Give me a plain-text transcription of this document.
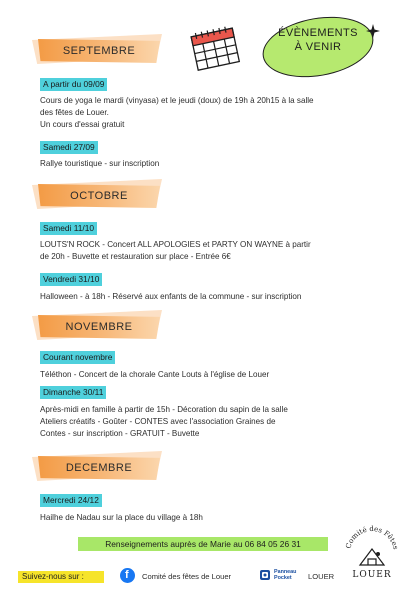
ÉVÈNEMENTS
À VENIR
SEPTEMBRE
A partir du 09/09
Cours de yoga le mardi (vinyasa) et le jeudi (doux) de 19h à 20h15 à la salle
des fêtes de Louer.
Un cours d'essai gratuit
Samedi 27/09
Rallye touristique - sur inscription
OCTOBRE
Samedi 11/10
LOUTS'N ROCK - Concert ALL APOLOGIES et PARTY ON WAYNE à partir
de 20h - Buvette et restauration sur place - Entrée 6€
Vendredi 31/10
Halloween - à 18h - Réservé aux enfants de la commune - sur inscription
NOVEMBRE
Courant novembre
Téléthon - Concert de la chorale Cante Louts à l'église de Louer
Dimanche 30/11
Après-midi en famille à partir de 15h - Décoration du sapin de la salle
Ateliers créatifs - Goûter - CONTES avec l'association Graines de
Contes - sur inscription - GRATUIT - Buvette
DECEMBRE
Mercredi 24/12
Hailhe de Nadau sur la place du village à 18h
Renseignements auprès de Marie au 06 84 05 26 31	Comité des Fêtes
LOUER
Suivez-nous sur :	f Comité des fêtes de Louer	Panneau
Pocket	LOUER
